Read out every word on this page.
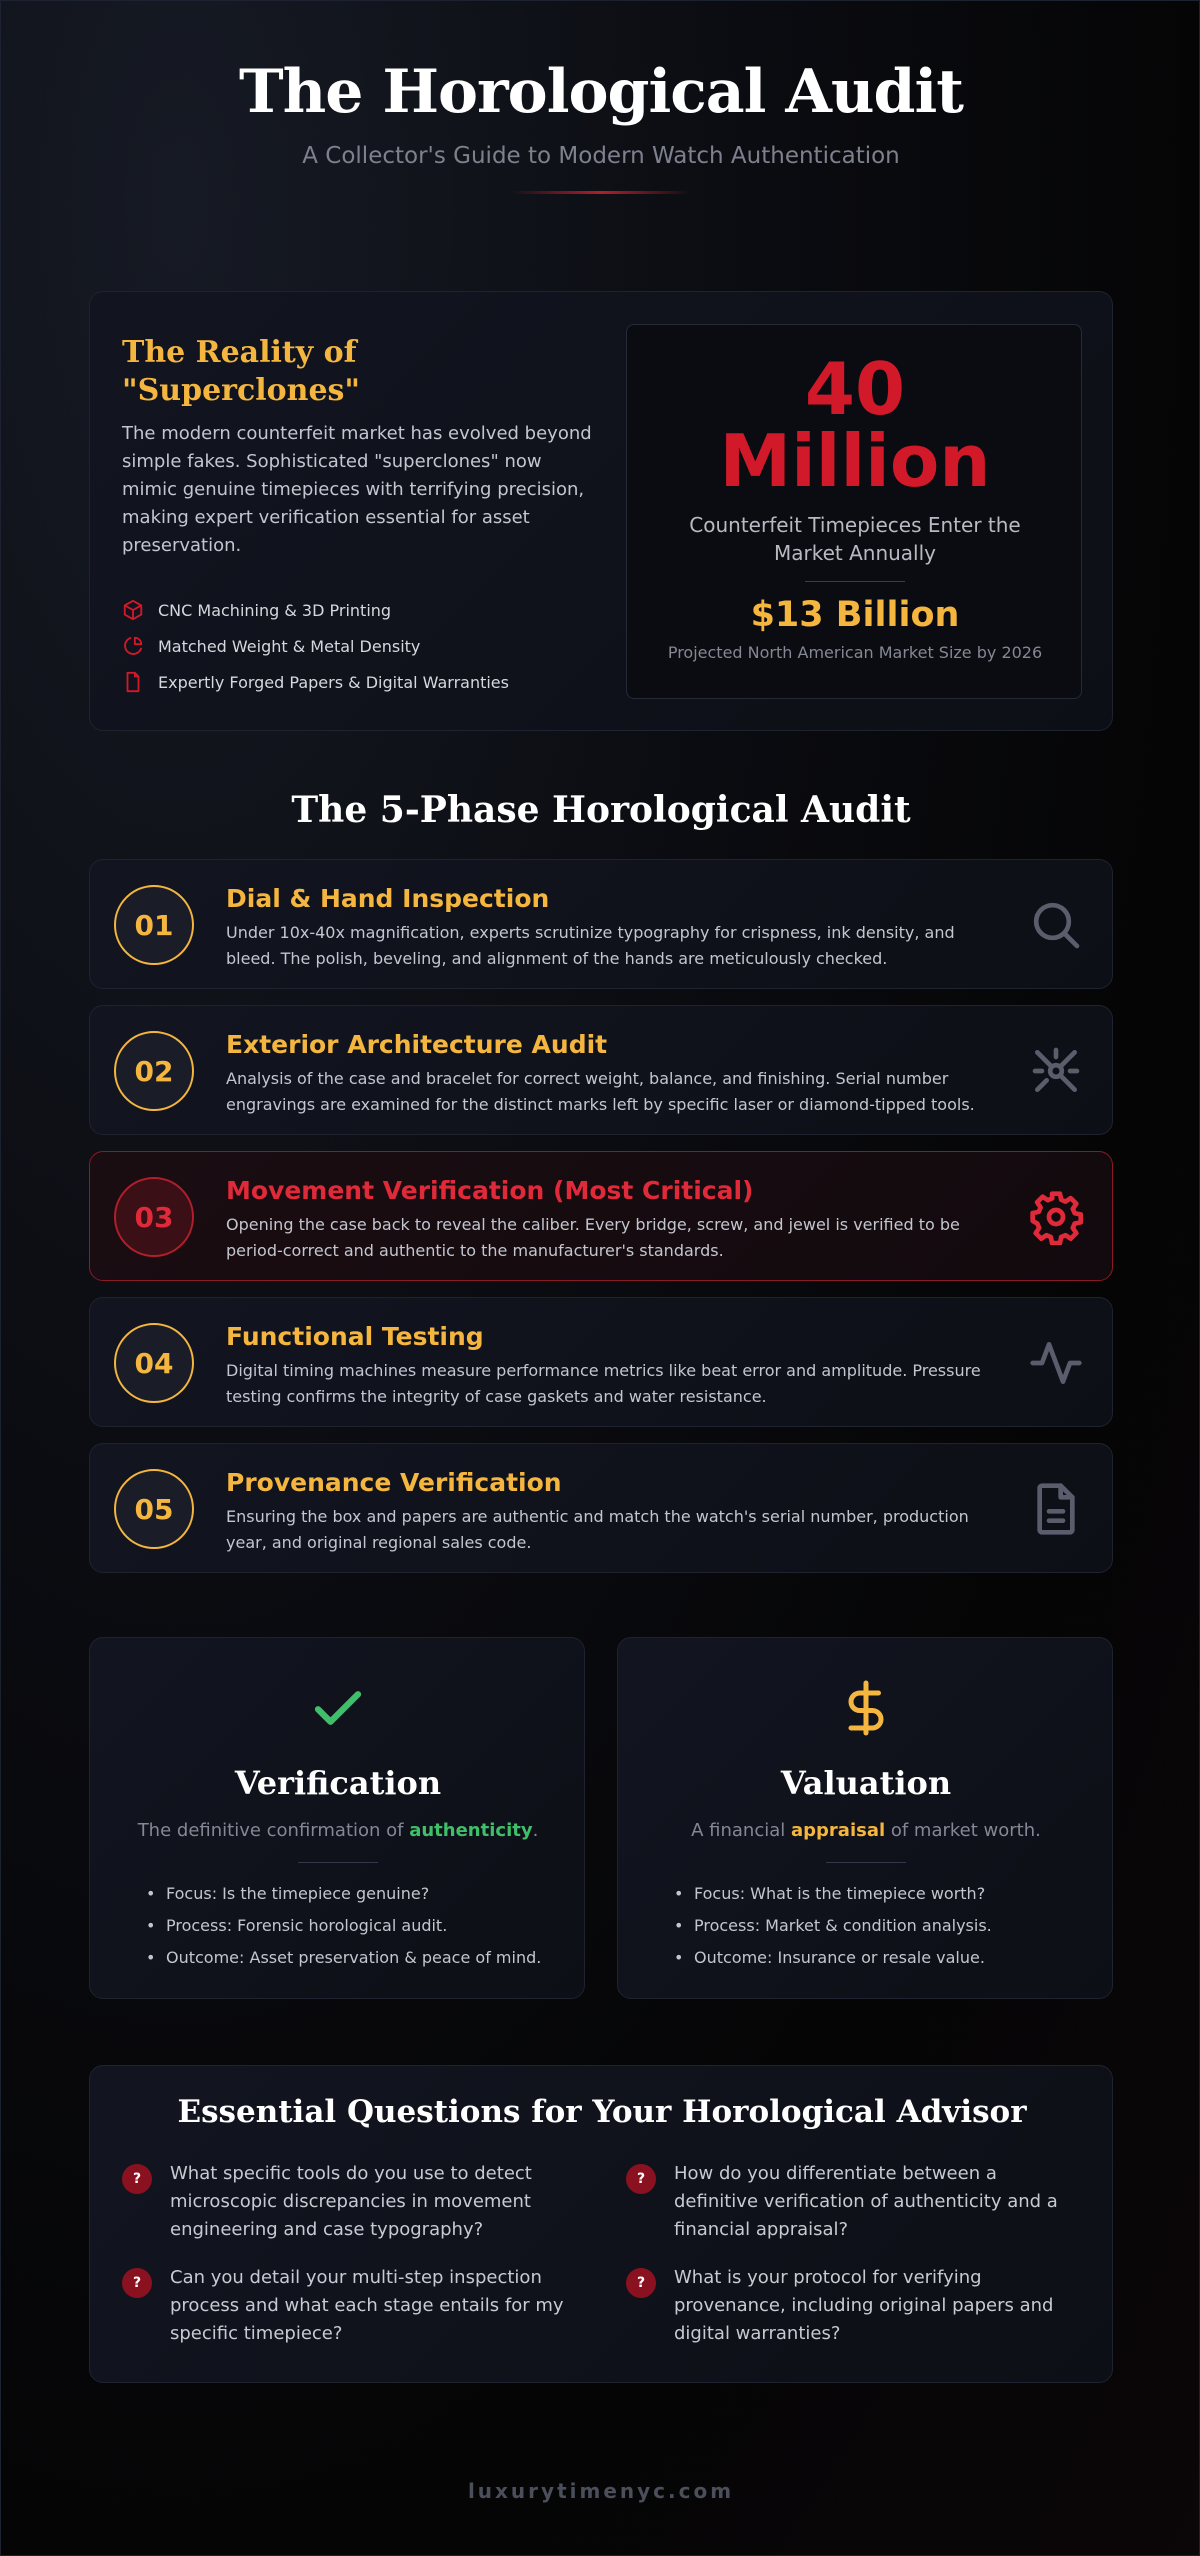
The Horological Audit
A Collector's Guide to Modern Watch Authentication
The Reality of "Superclones"
The modern counterfeit market has evolved beyond simple fakes. Sophisticated "superclones" now mimic genuine timepieces with terrifying precision, making expert verification essential for asset preservation.
CNC Machining & 3D Printing
Matched Weight & Metal Density
Expertly Forged Papers & Digital Warranties
40
Million
Counterfeit Timepieces Enter the Market Annually
$13 Billion
Projected North American Market Size by 2026
The 5-Phase Horological Audit
01
Dial & Hand Inspection
Under 10x-40x magnification, experts scrutinize typography for crispness, ink density, and bleed. The polish, beveling, and alignment of the hands are meticulously checked.
02
Exterior Architecture Audit
Analysis of the case and bracelet for correct weight, balance, and finishing. Serial number engravings are examined for the distinct marks left by specific laser or diamond-tipped tools.
03
Movement Verification (Most Critical)
Opening the case back to reveal the caliber. Every bridge, screw, and jewel is verified to be period-correct and authentic to the manufacturer's standards.
04
Functional Testing
Digital timing machines measure performance metrics like beat error and amplitude. Pressure testing confirms the integrity of case gaskets and water resistance.
05
Provenance Verification
Ensuring the box and papers are authentic and match the watch's serial number, production year, and original regional sales code.
Verification
The definitive confirmation of authenticity.
• Focus: Is the timepiece genuine?
• Process: Forensic horological audit.
• Outcome: Asset preservation & peace of mind.
Valuation
A financial appraisal of market worth.
• Focus: What is the timepiece worth?
• Process: Market & condition analysis.
• Outcome: Insurance or resale value.
Essential Questions for Your Horological Advisor
?	What specific tools do you use to detect microscopic discrepancies in movement engineering and case typography?
?	How do you differentiate between a definitive verification of authenticity and a financial appraisal?
?	Can you detail your multi-step inspection process and what each stage entails for my specific timepiece?
?	What is your protocol for verifying provenance, including original papers and digital warranties?
luxurytimenyc.com
